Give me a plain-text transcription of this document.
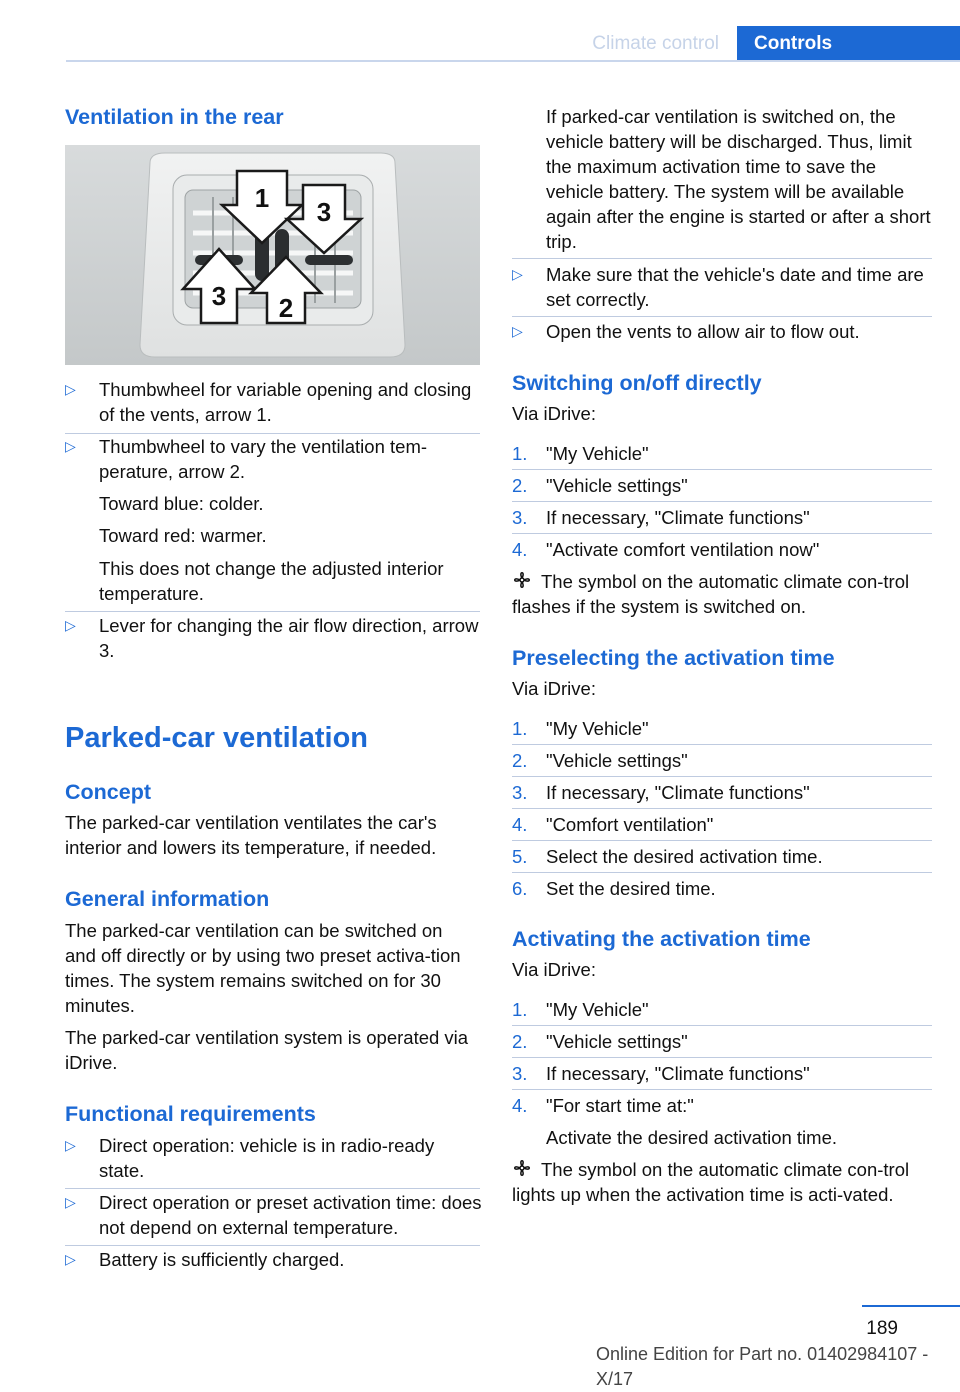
Climate control	Controls
Ventilation in the rear
1 3
3 2
▷ Thumbwheel for variable opening and closing of the vents, arrow 1.
▷ Thumbwheel to vary the ventilation tem-perature, arrow 2.

Toward blue: colder.

Toward red: warmer.

This does not change the adjusted interior temperature.

▷ Lever for changing the air flow direction, arrow 3.
Parked-car ventilation
Concept

The parked-car ventilation ventilates the car's interior and lowers its temperature, if needed.

General information

The parked-car ventilation can be switched on and off directly or by using two preset activa-tion times. The system remains switched on for 30 minutes.

The parked-car ventilation system is operated via iDrive.

Functional requirements
▷ Direct operation: vehicle is in radio-ready state.
▷ Direct operation or preset activation time: does not depend on external temperature.
▷ Battery is sufficiently charged.

If parked-car ventilation is switched on, the vehicle battery will be discharged. Thus, limit the maximum activation time to save the vehicle battery. The system will be available again after the engine is started or after a short trip.

▷ Make sure that the vehicle's date and time are set correctly.
▷ Open the vents to allow air to flow out.
Switching on/off directly

Via iDrive:

1. "My Vehicle"
2. "Vehicle settings"
3. If necessary, "Climate functions"
4. "Activate comfort ventilation now"

The symbol on the automatic climate con-trol flashes if the system is switched on.

Preselecting the activation time

Via iDrive:

1. "My Vehicle"
2. "Vehicle settings"
3. If necessary, "Climate functions"
4. "Comfort ventilation"
5. Select the desired activation time.
6. Set the desired time.
Activating the activation time

Via iDrive:

1. "My Vehicle"
2. "Vehicle settings"
3. If necessary, "Climate functions"
4. "For start time at:"

Activate the desired activation time.

The symbol on the automatic climate con-trol lights up when the activation time is acti-vated.

189
Online Edition for Part no. 01402984107 - X/17
